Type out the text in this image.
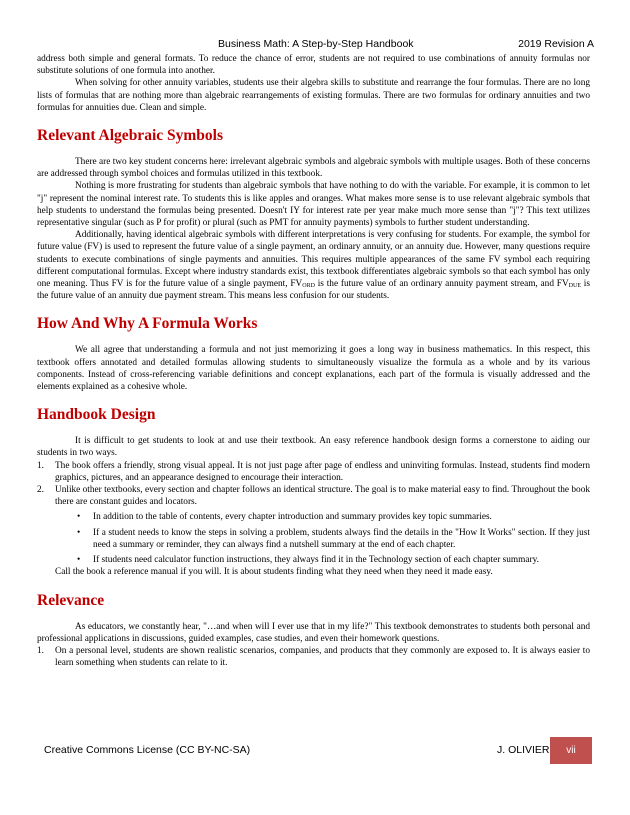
Business Math: A Step-by-Step Handbook	2019 Revision A

address both simple and general formats. To reduce the chance of error, students are not required to use combinations of annuity formulas nor substitute solutions of one formula into another.

When solving for other annuity variables, students use their algebra skills to substitute and rearrange the four formulas. There are no long lists of formulas that are nothing more than algebraic rearrangements of existing formulas. There are two formulas for ordinary annuities and two formulas for annuities due. Clean and simple.

Relevant Algebraic Symbols

There are two key student concerns here: irrelevant algebraic symbols and algebraic symbols with multiple usages. Both of these concerns are addressed through symbol choices and formulas utilized in this textbook.

Nothing is more frustrating for students than algebraic symbols that have nothing to do with the variable. For example, it is common to let "j" represent the nominal interest rate. To students this is like apples and oranges. What makes more sense is to use relevant algebraic symbols that help students to understand the formulas being presented. Doesn't IY for interest rate per year make much more sense than "j"? This text utilizes representative singular (such as P for profit) or plural (such as PMT for annuity payments) symbols to further student understanding.

Additionally, having identical algebraic symbols with different interpretations is very confusing for students. For example, the symbol for future value (FV) is used to represent the future value of a single payment, an ordinary annuity, or an annuity due. However, many questions require students to execute combinations of single payments and annuities. This requires multiple appearances of the same FV symbol each requiring different computational formulas. Except where industry standards exist, this textbook differentiates algebraic symbols so that each symbol has only one meaning. Thus FV is for the future value of a single payment, $FV_{ORD}$ is the future value of an ordinary annuity payment stream, and $FV_{DUE}$ is the future value of an annuity due payment stream. This means less confusion for our students.

How And Why A Formula Works

We all agree that understanding a formula and not just memorizing it goes a long way in business mathematics. In this respect, this textbook offers annotated and detailed formulas allowing students to simultaneously visualize the formula as a whole and by its various components. Instead of cross-referencing variable definitions and concept explanations, each part of the formula is visually addressed and the elements explained as a cohesive whole.

Handbook Design

It is difficult to get students to look at and use their textbook. An easy reference handbook design forms a cornerstone to aiding our students in two ways.

1. The book offers a friendly, strong visual appeal. It is not just page after page of endless and uninviting formulas. Instead, students find modern graphics, pictures, and an appearance designed to encourage their interaction.
2. Unlike other textbooks, every section and chapter follows an identical structure. The goal is to make material easy to find. Throughout the book there are constant guides and locators.
• In addition to the table of contents, every chapter introduction and summary provides key topic summaries.
• If a student needs to know the steps in solving a problem, students always find the details in the "How It Works" section. If they just need a summary or reminder, they can always find a nutshell summary at the end of each chapter.
• If students need calculator function instructions, they always find it in the Technology section of each chapter summary.
Call the book a reference manual if you will. It is about students finding what they need when they need it made easy.
Relevance

As educators, we constantly hear, "…and when will I ever use that in my life?" This textbook demonstrates to students both personal and professional applications in discussions, guided examples, case studies, and even their homework questions.

1. On a personal level, students are shown realistic scenarios, companies, and products that they commonly are exposed to. It is always easier to learn something when students can relate to it.
Creative Commons License (CC BY-NC-SA)	J. OLIVIER	vii
